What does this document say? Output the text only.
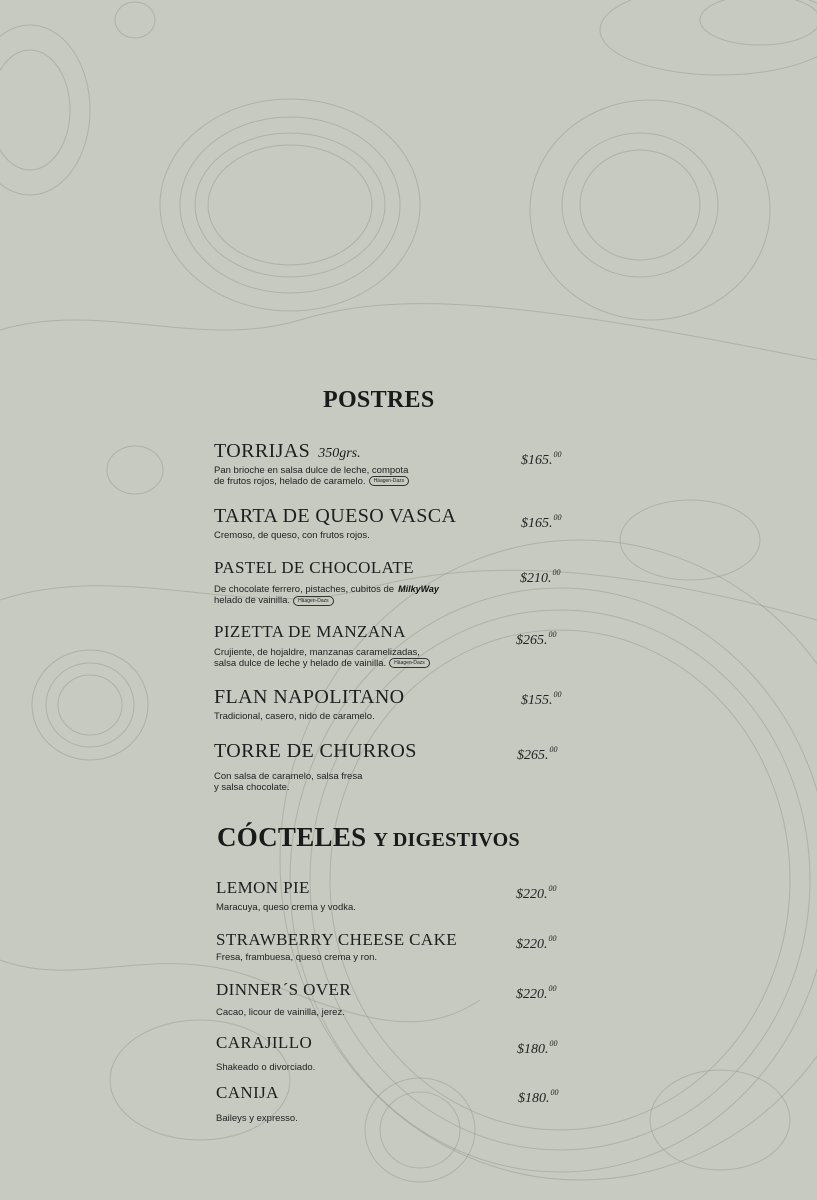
POSTRES
TORRIJAS 350grs.
Pan brioche en salsa dulce de leche, compota
de frutos rojos, helado de caramelo. Häagen-Dazs
$165.00
TARTA DE QUESO VASCA
Cremoso, de queso, con frutos rojos.
$165.00
PASTEL DE CHOCOLATE
De chocolate ferrero, pistaches, cubitos de MilkyWay
helado de vainilla. Häagen-Dazs
$210.00
PIZETTA DE MANZANA
Crujiente, de hojaldre, manzanas caramelizadas,
salsa dulce de leche y helado de vainilla. Häagen-Dazs
$265.00
FLAN NAPOLITANO
Tradicional, casero, nido de caramelo.
$155.00
TORRE DE CHURROS
Con salsa de caramelo, salsa fresa
y salsa chocolate.
$265.00
CÓCTELES Y DIGESTIVOS
LEMON PIE
Maracuya, queso crema y vodka.
$220.00
STRAWBERRY CHEESE CAKE
Fresa, frambuesa, queso crema y ron.
$220.00
DINNER´S OVER
Cacao, licour de vainilla, jerez.
$220.00
CARAJILLO
Shakeado o divorciado.
$180.00
CANIJA
Baileys y expresso.
$180.00
